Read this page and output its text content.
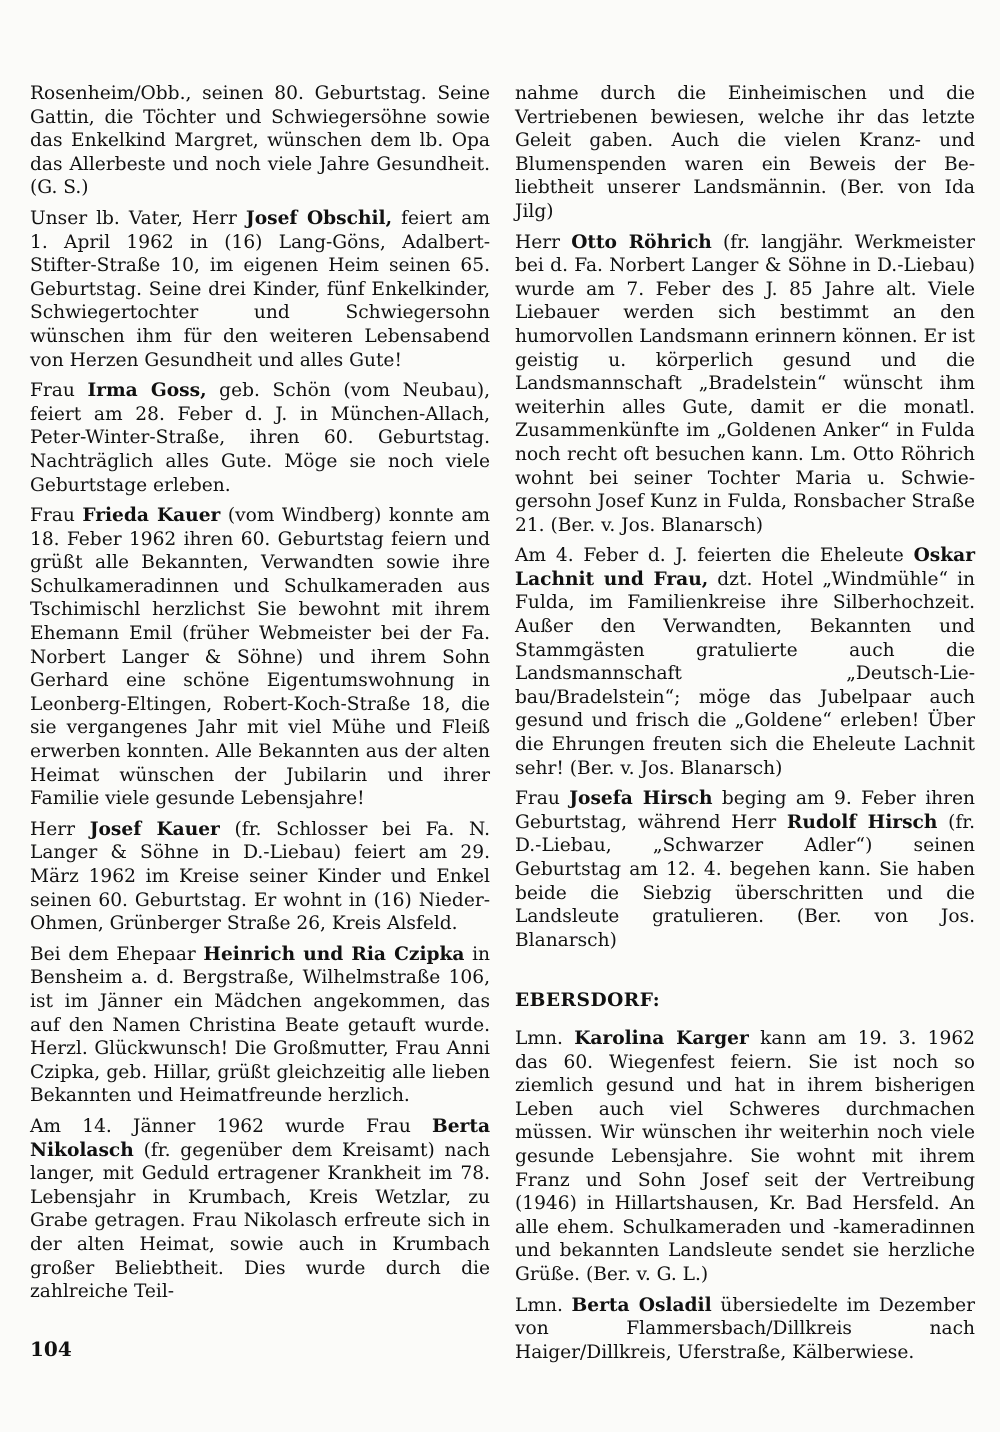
Rosenheim/Obb., seinen 80. Geburtstag. Seine Gattin, die Töchter und Schwiegersöhne sowie das Enkelkind Margret, wünschen dem lb. Opa das Allerbeste und noch viele Jahre Gesundheit. (G. S.)

Unser lb. Vater, Herr Josef Obschil, feiert am 1. April 1962 in (16) Lang-Göns, Adalbert-Stifter-Straße 10, im eigenen Heim seinen 65. Geburtstag. Seine drei Kinder, fünf Enkelkinder, Schwiegertochter und Schwiegersohn wünschen ihm für den weiteren Lebensabend von Herzen Gesundheit und alles Gute!

Frau Irma Goss, geb. Schön (vom Neubau), feiert am 28. Feber d. J. in München-Allach, Peter-Winter-Straße, ihren 60. Geburtstag. Nachträglich alles Gute. Möge sie noch viele Geburtstage erleben.

Frau Frieda Kauer (vom Windberg) konnte am 18. Feber 1962 ihren 60. Geburtstag feiern und grüßt alle Bekannten, Verwandten sowie ihre Schulkameradinnen und Schulkameraden aus Tschimischl herzlichst Sie bewohnt mit ihrem Ehemann Emil (früher Webmeister bei der Fa. Norbert Langer & Söhne) und ihrem Sohn Gerhard eine schöne Eigentumswohnung in Leonberg-Eltingen, Robert-Koch-Straße 18, die sie vergangenes Jahr mit viel Mühe und Fleiß erwerben konnten. Alle Bekannten aus der alten Heimat wünschen der Jubilarin und ihrer Familie viele gesunde Lebensjahre!

Herr Josef Kauer (fr. Schlosser bei Fa. N. Langer & Söhne in D.-Liebau) feiert am 29. März 1962 im Kreise seiner Kinder und Enkel seinen 60. Geburtstag. Er wohnt in (16) Nieder-Ohmen, Grünberger Straße 26, Kreis Alsfeld.

Bei dem Ehepaar Heinrich und Ria Czipka in Bensheim a. d. Bergstraße, Wilhelmstraße 106, ist im Jänner ein Mädchen angekommen, das auf den Namen Christina Beate getauft wurde. Herzl. Glückwunsch! Die Großmutter, Frau Anni Czipka, geb. Hillar, grüßt gleichzeitig alle lieben Bekannten und Heimatfreunde herzlich.

Am 14. Jänner 1962 wurde Frau Berta Nikolasch (fr. gegenüber dem Kreisamt) nach langer, mit Geduld ertragener Krankheit im 78. Lebensjahr in Krumbach, Kreis Wetzlar, zu Grabe getragen. Frau Nikolasch erfreute sich in der alten Heimat, sowie auch in Krumbach großer Beliebtheit. Dies wurde durch die zahlreiche Teil-

nahme durch die Einheimischen und die Vertriebenen bewiesen, welche ihr das letzte Geleit gaben. Auch die vielen Kranz- und Blumenspenden waren ein Beweis der Beliebtheit unserer Landsmännin. (Ber. von Ida Jilg)

Herr Otto Röhrich (fr. langjähr. Werkmeister bei d. Fa. Norbert Langer & Söhne in D.-Liebau) wurde am 7. Feber des J. 85 Jahre alt. Viele Liebauer werden sich bestimmt an den humorvollen Landsmann erinnern können. Er ist geistig u. körperlich gesund und die Landsmannschaft „Bradelstein“ wünscht ihm weiterhin alles Gute, damit er die monatl. Zusammenkünfte im „Goldenen Anker“ in Fulda noch recht oft besuchen kann. Lm. Otto Röhrich wohnt bei seiner Tochter Maria u. Schwiegersohn Josef Kunz in Fulda, Ronsbacher Straße 21. (Ber. v. Jos. Blanarsch)

Am 4. Feber d. J. feierten die Eheleute Oskar Lachnit und Frau, dzt. Hotel „Windmühle“ in Fulda, im Familienkreise ihre Silberhochzeit. Außer den Verwandten, Bekannten und Stammgästen gratulierte auch die Landsmannschaft „Deutsch-Liebau/Bradelstein“; möge das Jubelpaar auch gesund und frisch die „Goldene“ erleben! Über die Ehrungen freuten sich die Eheleute Lachnit sehr! (Ber. v. Jos. Blanarsch)

Frau Josefa Hirsch beging am 9. Feber ihren Geburtstag, während Herr Rudolf Hirsch (fr. D.-Liebau, „Schwarzer Adler“) seinen Geburtstag am 12. 4. begehen kann. Sie haben beide die Siebzig überschritten und die Landsleute gratulieren. (Ber. von Jos. Blanarsch)

EBERSDORF:

Lmn. Karolina Karger kann am 19. 3. 1962 das 60. Wiegenfest feiern. Sie ist noch so ziemlich gesund und hat in ihrem bisherigen Leben auch viel Schweres durchmachen müssen. Wir wünschen ihr weiterhin noch viele gesunde Lebensjahre. Sie wohnt mit ihrem Franz und Sohn Josef seit der Vertreibung (1946) in Hillartshausen, Kr. Bad Hersfeld. An alle ehem. Schulkameraden und -kameradinnen und bekannten Landsleute sendet sie herzliche Grüße. (Ber. v. G. L.)

Lmn. Berta Osladil übersiedelte im Dezember von Flammersbach/Dillkreis nach Haiger/Dillkreis, Uferstraße, Kälberwiese.

104
